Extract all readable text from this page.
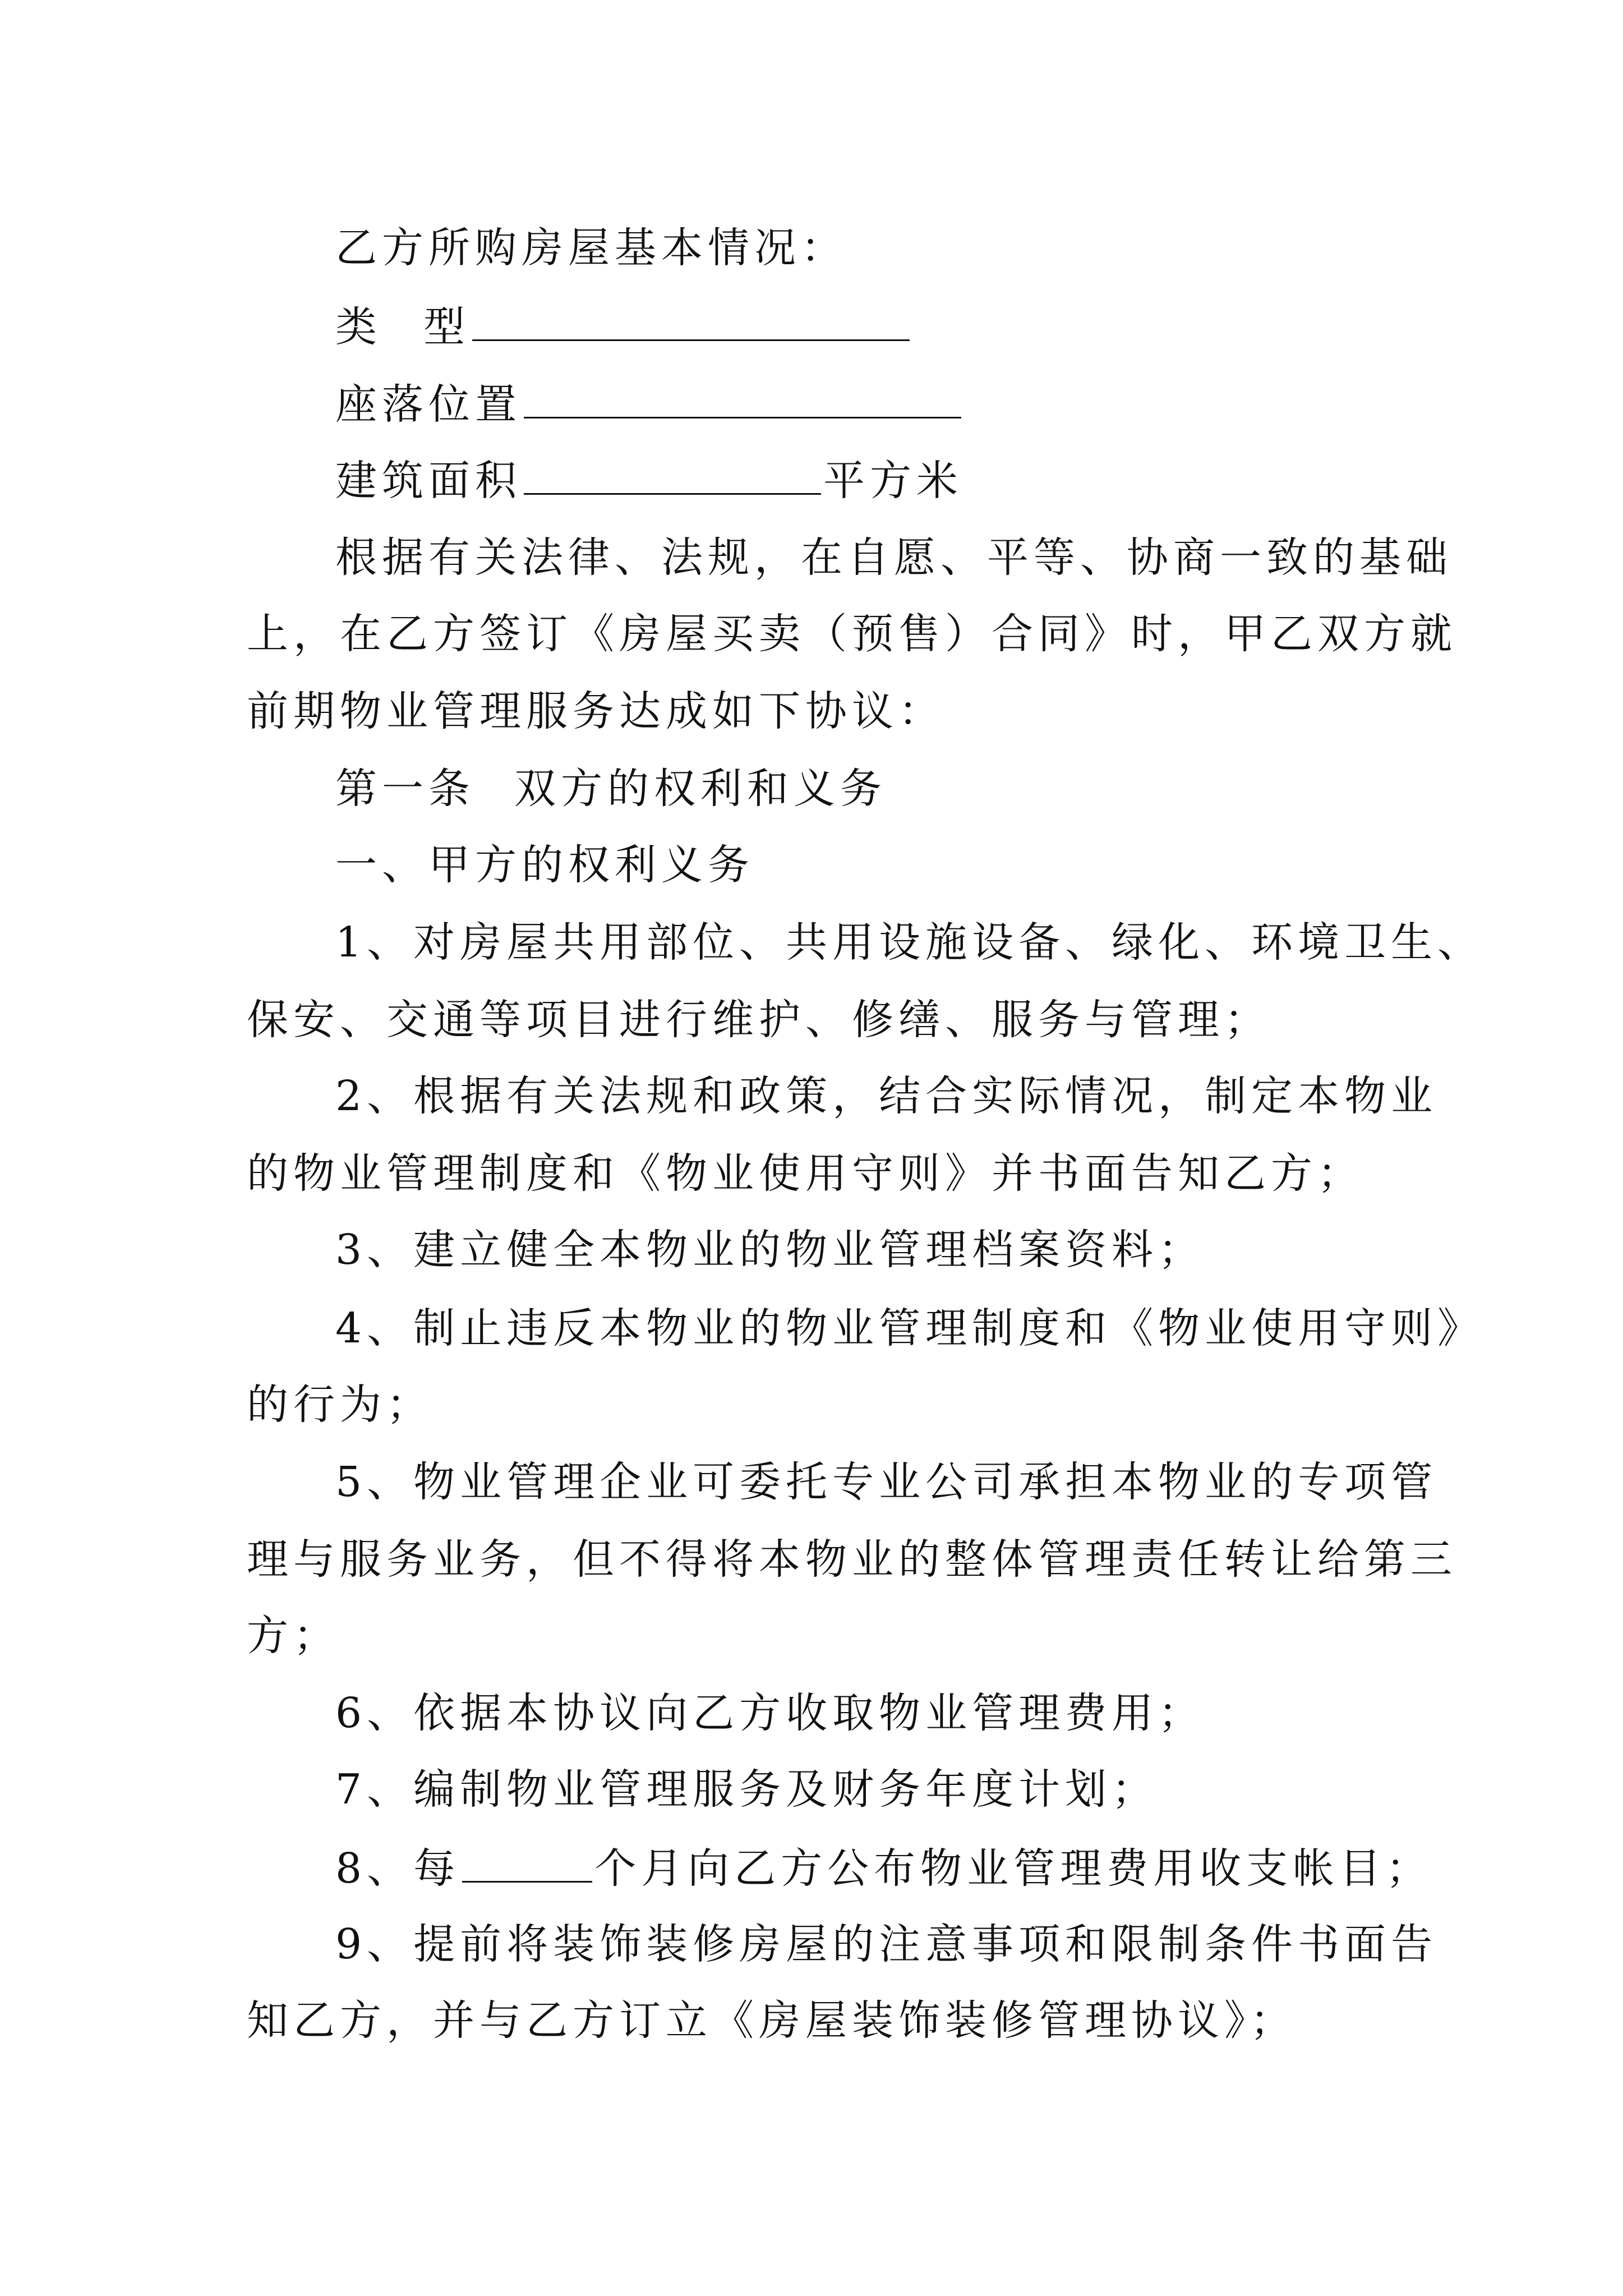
乙方所购房屋基本情况：
类 型
座落位置
建筑面积	平方米
根据有关法律、法规，在自愿、平等、协商一致的基础
上，在乙方签订《房屋买卖（预售）合同》时，甲乙双方就
前期物业管理服务达成如下协议：
第一条 双方的权利和义务
一、甲方的权利义务
1、对房屋共用部位、共用设施设备、绿化、环境卫生、
保安、交通等项目进行维护、修缮、服务与管理；
2、根据有关法规和政策，结合实际情况，制定本物业
的物业管理制度和《物业使用守则》并书面告知乙方；
3、建立健全本物业的物业管理档案资料；
4、制止违反本物业的物业管理制度和《物业使用守则》
的行为；
5、物业管理企业可委托专业公司承担本物业的专项管
理与服务业务，但不得将本物业的整体管理责任转让给第三
方；
6、依据本协议向乙方收取物业管理费用；
7、编制物业管理服务及财务年度计划；
8、每	个月向乙方公布物业管理费用收支帐目；
9、提前将装饰装修房屋的注意事项和限制条件书面告
知乙方，并与乙方订立《房屋装饰装修管理协议》；
